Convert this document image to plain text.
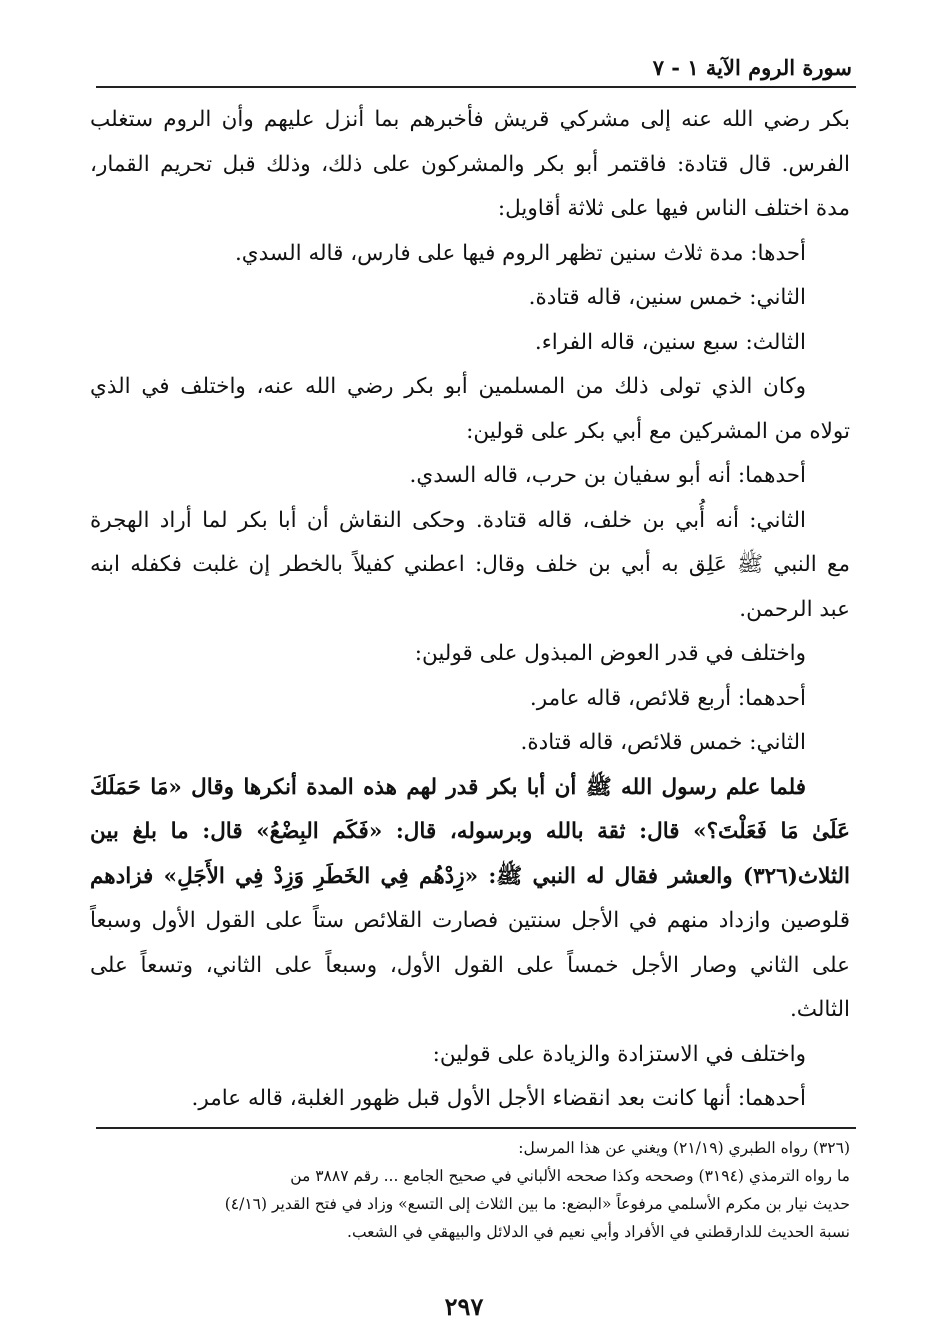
سورة الروم الآية ١ - ٧
بكر رضي الله عنه إلى مشركي قريش فأخبرهم بما أنزل عليهم وأن الروم ستغلب
الفرس. قال قتادة: فاقتمر أبو بكر والمشركون على ذلك، وذلك قبل تحريم القمار،
مدة اختلف الناس فيها على ثلاثة أقاويل:
أحدها: مدة ثلاث سنين تظهر الروم فيها على فارس، قاله السدي.
الثاني: خمس سنين، قاله قتادة.
الثالث: سبع سنين، قاله الفراء.
وكان الذي تولى ذلك من المسلمين أبو بكر رضي الله عنه، واختلف في الذي
تولاه من المشركين مع أبي بكر على قولين:
أحدهما: أنه أبو سفيان بن حرب، قاله السدي.
الثاني: أنه أُبي بن خلف، قاله قتادة. وحكى النقاش أن أبا بكر لما أراد الهجرة
مع النبي ﷺ عَلِق به أبي بن خلف وقال: اعطني كفيلاً بالخطر إن غلبت فكفله ابنه
عبد الرحمن.
واختلف في قدر العوض المبذول على قولين:
أحدهما: أربع قلائص، قاله عامر.
الثاني: خمس قلائص، قاله قتادة.
فلما علم رسول الله ﷺ أن أبا بكر قدر لهم هذه المدة أنكرها وقال «مَا حَمَلَكَ
عَلَىٰ مَا فَعَلْتَ؟» قال: ثقة بالله وبرسوله، قال: «فَكَم البِضْعُ» قال: ما بلغ بين
الثلاث(٣٢٦) والعشر فقال له النبي ﷺ: «زِدْهُم فِي الخَطَرِ وَزِدْ فِي الأَجَلِ» فزادهم
قلوصين وازداد منهم في الأجل سنتين فصارت القلائص ستاً على القول الأول وسبعاً
على الثاني وصار الأجل خمساً على القول الأول، وسبعاً على الثاني، وتسعاً على
الثالث.
واختلف في الاستزادة والزيادة على قولين:
أحدهما: أنها كانت بعد انقضاء الأجل الأول قبل ظهور الغلبة، قاله عامر.
(٣٢٦) رواه الطبري (٢١/١٩) ويغني عن هذا المرسل:
ما رواه الترمذي (٣١٩٤) وصححه وكذا صححه الألباني في صحيح الجامع ... رقم ٣٨٨٧ من
حديث نيار بن مكرم الأسلمي مرفوعاً «البضع: ما بين الثلاث إلى التسع» وزاد في فتح القدير (٤/١٦)
نسبة الحديث للدارقطني في الأفراد وأبي نعيم في الدلائل والبيهقي في الشعب.
٢٩٧
